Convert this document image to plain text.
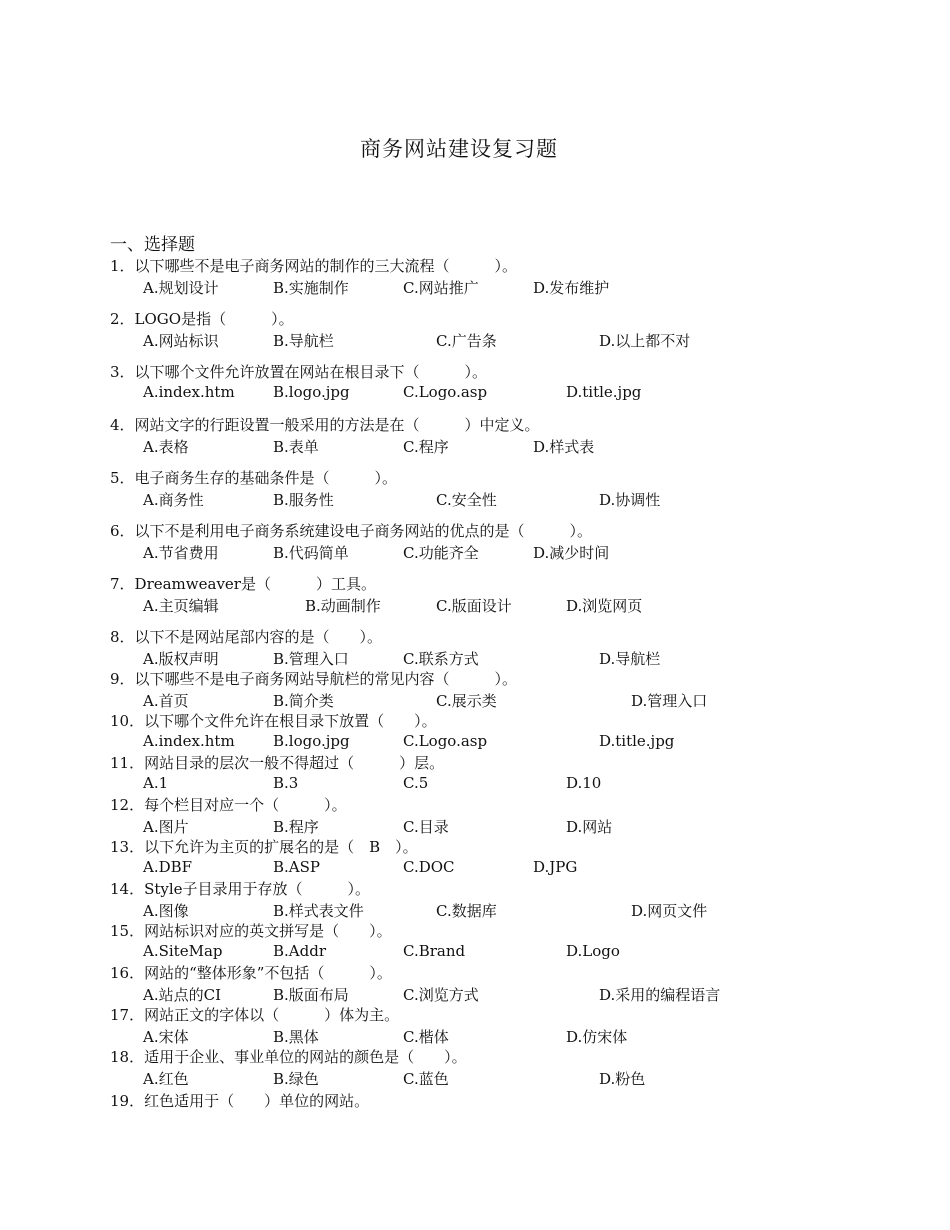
商务网站建设复习题
一、选择题
1．以下哪些不是电子商务网站的制作的三大流程（　　　）。
A.规划设计	B.实施制作	C.网站推广	D.发布维护
2．LOGO是指（　　　）。
A.网站标识	B.导航栏	C.广告条	D.以上都不对
3．以下哪个文件允许放置在网站在根目录下（　　　）。
A.index.htm	B.logo.jpg	C.Logo.asp	D.title.jpg
4．网站文字的行距设置一般采用的方法是在（　　　）中定义。
A.表格	B.表单	C.程序	D.样式表
5．电子商务生存的基础条件是（　　　）。
A.商务性	B.服务性	C.安全性	D.协调性
6．以下不是利用电子商务系统建设电子商务网站的优点的是（　　　）。
A.节省费用	B.代码简单	C.功能齐全	D.减少时间
7．Dreamweaver是（　　　）工具。
A.主页编辑	B.动画制作	C.版面设计	D.浏览网页
8．以下不是网站尾部内容的是（　　）。
A.版权声明	B.管理入口	C.联系方式	D.导航栏
9．以下哪些不是电子商务网站导航栏的常见内容（　　　）。
A.首页	B.简介类	C.展示类	D.管理入口
10．以下哪个文件允许在根目录下放置（　　）。
A.index.htm	B.logo.jpg	C.Logo.asp	D.title.jpg
11．网站目录的层次一般不得超过（　　　）层。
A.1	B.3	C.5	D.10
12．每个栏目对应一个（　　　）。
A.图片	B.程序	C.目录	D.网站
13．以下允许为主页的扩展名的是（　B　）。
A.DBF	B.ASP	C.DOC	D.JPG
14．Style子目录用于存放（　　　）。
A.图像	B.样式表文件	C.数据库	D.网页文件
15．网站标识对应的英文拼写是（　　）。
A.SiteMap	B.Addr	C.Brand	D.Logo
16．网站的“整体形象”不包括（　　　）。
A.站点的CI	B.版面布局	C.浏览方式	D.采用的编程语言
17．网站正文的字体以（　　　）体为主。
A.宋体	B.黑体	C.楷体	D.仿宋体
18．适用于企业、事业单位的网站的颜色是（　　）。
A.红色	B.绿色	C.蓝色	D.粉色
19．红色适用于（　　）单位的网站。
